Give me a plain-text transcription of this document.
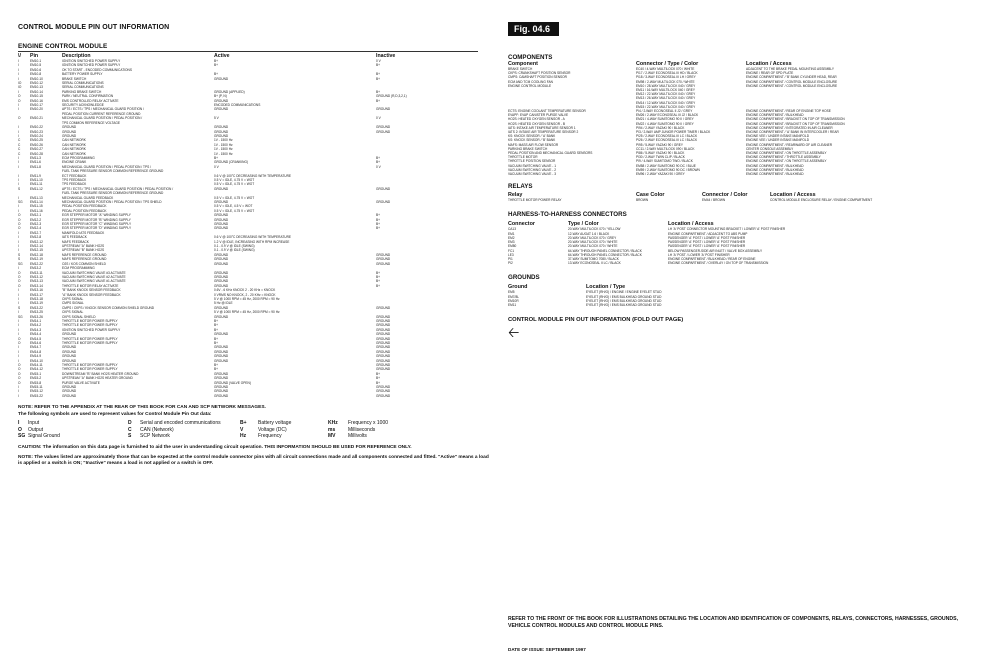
CONTROL MODULE PIN OUT INFORMATION
ENGINE CONTROL MODULE
\/	Pin	Description	Active	Inactive
I	EM10-1	IGNITION SWITCHED POWER SUPPLY	B+	0 V
I	EM10-5	IGNITION SWITCHED POWER SUPPLY	B+	B+
I	EM10-6	OK TO START - ENCODED COMMUNICATIONS
I	EM10-8	BATTERY POWER SUPPLY	B+	B+
I	EM10-10	BRAKE SWITCH	GROUND	B+
IO	EM10-12	SERIAL COMMUNICATIONS
IO	EM10-13	SERIAL COMMUNICATIONS
I	EM10-14	PARKING BRAKE SWITCH	GROUND (APPLIED)	B+
O	EM10-15	PARK / NEUTRAL CONFIRMATION	B+ (P, N)	GROUND (R,D,3,2,1)
O	EM10-16	EMS CONTROLLED RELAY ACTIVATE	GROUND	B+
I	EM10-17	SECURITY ACKNOWLEDGE	ENCODED COMMUNICATIONS
I	EM10-20	APTS / ECTS / TPS / MECHANICAL GUARD POSITION /	GROUND	GROUND
PEDAL POSITION CURRENT REFERENCE GROUND
O	EM10-21	MECHANICAL GUARD POSITION / PEDAL POSITION /	5 V	0 V
TPS COMMON REFERENCE VOLTAGE
I	EM10-22	GROUND	GROUND	GROUND
I	EM10-23	GROUND	GROUND	GROUND
I	EM10-24	GROUND	GROUND
C	EM10-25	CAN NETWORK	1V - 1500 Hz
C	EM10-26	CAN NETWORK	1V - 1500 Hz
C	EM10-27	CAN NETWORK	1V - 1500 Hz
C	EM10-28	CAN NETWORK	1V - 1500 Hz
I	EM11-3	ECM PROGRAMMING	B+	B+
I	EM11-6	ENGINE CRANK	GROUND (CRANKING)	B+
I	EM11-8	MECHANICAL GUARD POSITION / PEDAL POSITION / TPS /	0 V	0 V
FUEL TANK PRESSURE SENSOR COMMON REFERENCE GROUND
I	EM11-9	ECT FEEDBACK	0.6 V @ 100°C DECREASING WITH TEMPERATURE
I	EM11-10	TPS FEEDBACK	0.5 V = IDLE, 4.75 V = WOT
I	EM11-11	TPS FEEDBACK	0.5 V = IDLE, 4.75 V = WOT
S	EM11-12	APTS / ECTS / TPS / MECHANICAL GUARD POSITION / PEDAL POSITION /	GROUND	GROUND
FUEL TANK PRESSURE SENSOR COMMON REFERENCE GROUND
I	EM11-13	MECHANICAL GUARD FEEDBACK	0.5 V = IDLE, 4.75 V = WOT
SG	EM11-14	MECHANICAL GUARD POSITION / PEDAL POSITION / TPS SHIELD	GROUND	GROUND
I	EM11-15	PEDAL POSITION FEEDBACK	0.5 V = IDLE, 4.5 V = WOT
I	EM11-16	PEDAL POSITION FEEDBACK	0.5 V = IDLE, 4.75 V = WOT
O	EM12-1	EGR STEPPER MOTOR "A" WINDING SUPPLY	GROUND	B+
O	EM12-2	EGR STEPPER MOTOR "B" WINDING SUPPLY	GROUND	B+
O	EM12-3	EGR STEPPER MOTOR "C" WINDING SUPPLY	GROUND	B+
O	EM12-4	EGR STEPPER MOTOR "D" WINDING SUPPLY	GROUND	B+
I	EM12-7	MANIFOLD IATS FEEDBACK
I	EM12-8	IATS FEEDBACK	0.6 V @ 100°C DECREASING WITH TEMPERATURE
I	EM12-12	MAFS FEEDBACK	1.2 V @ IDLE, INCREASING WITH RPM INCREASE
I	EM12-14	UPSTREAM "A" BANK HO2S	0.1 - 0.9 V @ IDLE (SWING)
I	EM12-15	UPSTREAM "B" BANK HO2S	0.1 - 0.9 V @ IDLE (SWING)
S	EM12-18	MAFS REFERENCE GROUND	GROUND	GROUND
S	EM12-19	MAFS REFERENCE GROUND	GROUND	GROUND
SG	EM12-22	O2S / KOS COMMON SHIELD	GROUND	GROUND
I	EM13-2	ECM PROGRAMMING
O	EM13-11	VACUUM SWITCHING VALVE #3 ACTIVATE	GROUND	B+
O	EM13-12	VACUUM SWITCHING VALVE #2 ACTIVATE	GROUND	B+
O	EM13-13	VACUUM SWITCHING VALVE #1 ACTIVATE	GROUND	B+
O	EM13-14	THROTTLE MOTOR RELAY ACTIVATE	GROUND	B+
I	EM13-16	"B" BANK KNOCK SENSOR FEEDBACK	0.6V - 6 KHz KNOCK 2 - 20 KHz = KNOCK
I	EM13-17	"A" BANK KNOCK SENSOR FEEDBACK	0 VRMS NO KNOCK, 2 - 20 KHz = KNOCK
I	EM13-18	CKPS SIGNAL	5 V @ 1000 RPM = 45 Hz, 2000 RPM = 90 Hz
I	EM13-19	CMPS SIGNAL	5 Hz @ IDLE
S	EM13-22	CMPS / CKPS / KNOCK SENSOR COMMON SHIELD GROUND	GROUND	GROUND
I	EM13-25	CKPS SIGNAL	5 V @ 1000 RPM = 45 Hz, 2000 RPM = 90 Hz
SG	EM13-26	CKPS SIGNAL SHIELD	GROUND	GROUND
I	EM14-1	THROTTLE MOTOR POWER SUPPLY	B+	GROUND
I	EM14-2	THROTTLE MOTOR POWER SUPPLY	B+	GROUND
I	EM14-3	IGNITION SWITCHED POWER SUPPLY	B+	GROUND
I	EM14-4	GROUND	GROUND	GROUND
O	EM14-5	THROTTLE MOTOR POWER SUPPLY	B+	GROUND
O	EM14-6	THROTTLE MOTOR POWER SUPPLY	B+	GROUND
I	EM14-7	GROUND	GROUND	GROUND
I	EM14-8	GROUND	GROUND	GROUND
I	EM14-9	GROUND	GROUND	GROUND
I	EM14-10	GROUND	GROUND	GROUND
O	EM14-11	THROTTLE MOTOR POWER SUPPLY	B+	GROUND
O	EM14-12	THROTTLE MOTOR POWER SUPPLY	B+	GROUND
O	EM15-1	DOWNSTREAM "B" BANK HO2S HEATER GROUND	GROUND	B+
O	EM15-2	UPSTREAM "A" BANK HO2S HEATER GROUND	GROUND	B+
O	EM15-8	PURGE VALVE ACTIVATE	GROUND (VALVE OPEN)	B+
I	EM15-11	GROUND	GROUND	GROUND
I	EM15-12	GROUND	GROUND	GROUND
I	EM15-22	GROUND	GROUND	GROUND
NOTE: REFER TO THE APPENDIX AT THE REAR OF THIS BOOK FOR CAN AND SCP NETWORK MESSAGES.
The following symbols are used to represent values for Control Module Pin Out data:
I	Input	D	Serial and encoded communications	B+	Battery voltage	KHz	Frequency x 1000
O	Output	C	CAN (Network)	V	Voltage (DC)	ms	Milliseconds
SG Signal Ground	S	SCP Network	Hz	Frequency	MV	Millivolts
CAUTION: The information on this data page is furnished to aid the user in understanding circuit operation. THIS INFORMATION SHOULD BE USED FOR REFERENCE ONLY.
NOTE: The values listed are approximately those that can be expected at the control module connector pins with all circuit connections made and all components connected and fitted. "Active" means a load is applied or a switch is ON; "Inactive" means a load is not applied or a switch is OFF.
Fig. 04.6
COMPONENTS
Component	Connector / Type / Color	Location / Access
BRAKE SWITCH	EC40 / 4-WAY MULTILOCK 070 / WHITE	ADJACENT TO THE BRAKE PEDAL MOUNTING ASSEMBLY
CKPS: CRANKSHAFT POSITION SENSOR	PI17 / 2-WAY ECONOSEAL III HD / BLACK	ENGINE / REAR OF SPD PLATE
CMPS: CAMSHAFT POSITION SENSOR	PI18 / 3-WAY ECONOSEAL III LH / GREY	ENGINE COMPARTMENT / 'B' BANK CYLINDER HEAD, REAR
ECM AND TCM COOLING FAN	EM98 / 2-WAY MULTILOCK 070 / WHITE	ENGINE COMPARTMENT / CONTROL MODULE ENCLOSURE
ENGINE CONTROL MODULE	EM10 / 28-WAY MULTILOCK 040 / GREY	ENGINE COMPARTMENT / CONTROL MODULE ENCLOSURE
EM11 / 16-WAY MULTILOCK 040 / GREY
EM12 / 22-WAY MULTILOCK 040 / GREY
EM13 / 26-WAY MULTILOCK 040 / GREY
EM14 / 12-WAY MULTILOCK 040 / GREY
EM15 / 22-WAY MULTILOCK 040 / GREY
ECTS: ENGINE COOLANT TEMPERATURE SENSOR	PI4 / 2-WAY ECONOSEAL II J2 / GREY	ENGINE COMPARTMENT / REAR OF ENGINE TOP HOSE
EVAPF: EVAP CANISTER PURGE VALVE	EM26 / 2-WAY ECONOSEAL III J2 / BLACK	ENGINE COMPARTMENT / BULKHEAD
HO2S: HEATED OXYGEN SENSOR - A	EM21 / 4-WAY SUMITOMO 90 II / GREY	ENGINE COMPARTMENT / BRACKET ON TOP OF TRANSMISSION
HO2S: HEATED OXYGEN SENSOR - B	EM22 / 4-WAY SUMITOMO 90 II / GREY	ENGINE COMPARTMENT / BRACKET ON TOP OF TRANSMISSION
IATS: INTAKE AIR TEMPERATURE SENSOR 1	PI94 / 2-WAY YAZAKI 90 / BLACK	ENGINE COMPARTMENT / INTEGRATED IN AIR CLEANER
IATS 2: INTAKE AIR TEMPERATURE SENSOR 2	PI3 / 2-WAY AMP JUNIOR POWER TIMER / BLACK	ENGINE COMPARTMENT / 'A' BANK IN INTERCOOLER / REAR
KS: KNOCK SENSOR / 'A' BANK	PI25 / 2-WAY ECONOSEAL III LC / BLACK	ENGINE VEE / UNDER INTAKE MANIFOLD
KS: KNOCK SENSOR / 'B' BANK	PI26 / 2-WAY ECONOSEAL III LC / BLACK	ENGINE VEE / UNDER INTAKE MANIFOLD
MAFS: MASS AIR FLOW SENSOR	PI95 / 5-WAY YAZAKI 90 / GREY	ENGINE COMPARTMENT / REARWARD OF AIR CLEANER
PARKING BRAKE SWITCH	CC11 / 2-WAY MULTILOCK 090 / BLACK	CENTER CONSOLE ASSEMBLY
PEDAL POSITION AND MECHANICAL GUARD SENSORS	PI86 / 5-WAY YAZAKI 90 / BLACK	ENGINE COMPARTMENT / ON THROTTLE ASSEMBLY
THROTTLE MOTOR	PI30 / 2-WAY TWIN CLIP / BLACK	ENGINE COMPARTMENT / THROTTLE ASSEMBLY
THROTTLE POSITION SENSOR	PI9 / 4-WAY SUMITOMO TWO / BLACK	ENGINE COMPARTMENT / ON THROTTLE ASSEMBLY
VACUUM SWITCHING VALVE - 1	EM58 / 2-WAY SUMITOMO 90 DC / BLUE	ENGINE COMPARTMENT / BULKHEAD
VACUUM SWITCHING VALVE - 2	EM59 / 2-WAY SUMITOMO 90 DC / BROWN	ENGINE COMPARTMENT / BULKHEAD
VACUUM SWITCHING VALVE - 3	EM96 / 2-WAY YAZAKI 90 / GREY	ENGINE COMPARTMENT / BULKHEAD
RELAYS
Relay	Case Color	Connector / Color	Location / Access
THROTTLE MOTOR POWER RELAY	BROWN	EM44 / BROWN	CONTROL MODULE ENCLOSURE RELAY / ENGINE COMPARTMENT
HARNESS-TO-HARNESS CONNECTORS
Connector	Type / Color	Location / Access
CA13	20-WAY MULTILOCK 070 / YELLOW	LH 'A' POST CONNECTOR MOUNTING BRACKET / LOWER 'A' POST FINISHER
EM1	12-WAY AUGAT 1.6 / BLACK	ENGINE COMPARTMENT / ADJACENT TO ABS PUMP
EM2	20-WAY MULTILOCK 070 / GREY	PASSENGER 'A' POST / LOWER 'A' POST FINISHER
EM3	20-WAY MULTILOCK 070 / WHITE	PASSENGER 'A' POST / LOWER 'A' POST FINISHER
EM80	20-WAY MULTILOCK 070 / WHITE	PASSENGER 'A' POST / LOWER 'A' POST FINISHER
FC1	64-WAY THROUGH PANEL CONNECTOR / BLACK	BELOW PASSENGER-SIDE AIR INLET / VALVE BOX ASSEMBLY
LE3	64-WAY THROUGH PANEL CONNECTOR / BLACK	LH 'A' POST / LOWER 'A' POST FINISHER
PI1	37-WAY SUMITOMO 7080 / BLACK	ENGINE COMPARTMENT / BULKHEAD / REAR OF ENGINE
PI2	13-WAY ECONOSEAL II LC / BLACK	ENGINE COMPARTMENT / OVERLAY / ON TOP OF TRANSMISSION
GROUNDS
Ground	Location / Type
EM5	EYELET (RH/O) / ENGINE / ENGINE EYELET STUD
EM7/8L	EYELET (RH/O) / EMS BULKHEAD GROUND STUD
EM10R	EYELET (RH/O) / EMS BULKHEAD GROUND STUD
EM11	EYELET (RH/O) / EMS BULKHEAD GROUND STUD
CONTROL MODULE PIN OUT INFORMATION (FOLD OUT PAGE)
🡠
REFER TO THE FRONT OF THE BOOK FOR ILLUSTRATIONS DETAILING THE LOCATION AND IDENTIFICATION OF COMPONENTS, RELAYS, CONNECTORS, HARNESSES, GROUNDS, VEHICLE CONTROL MODULES AND CONTROL MODULE PINS.
DATE OF ISSUE: SEPTEMBER 1997
